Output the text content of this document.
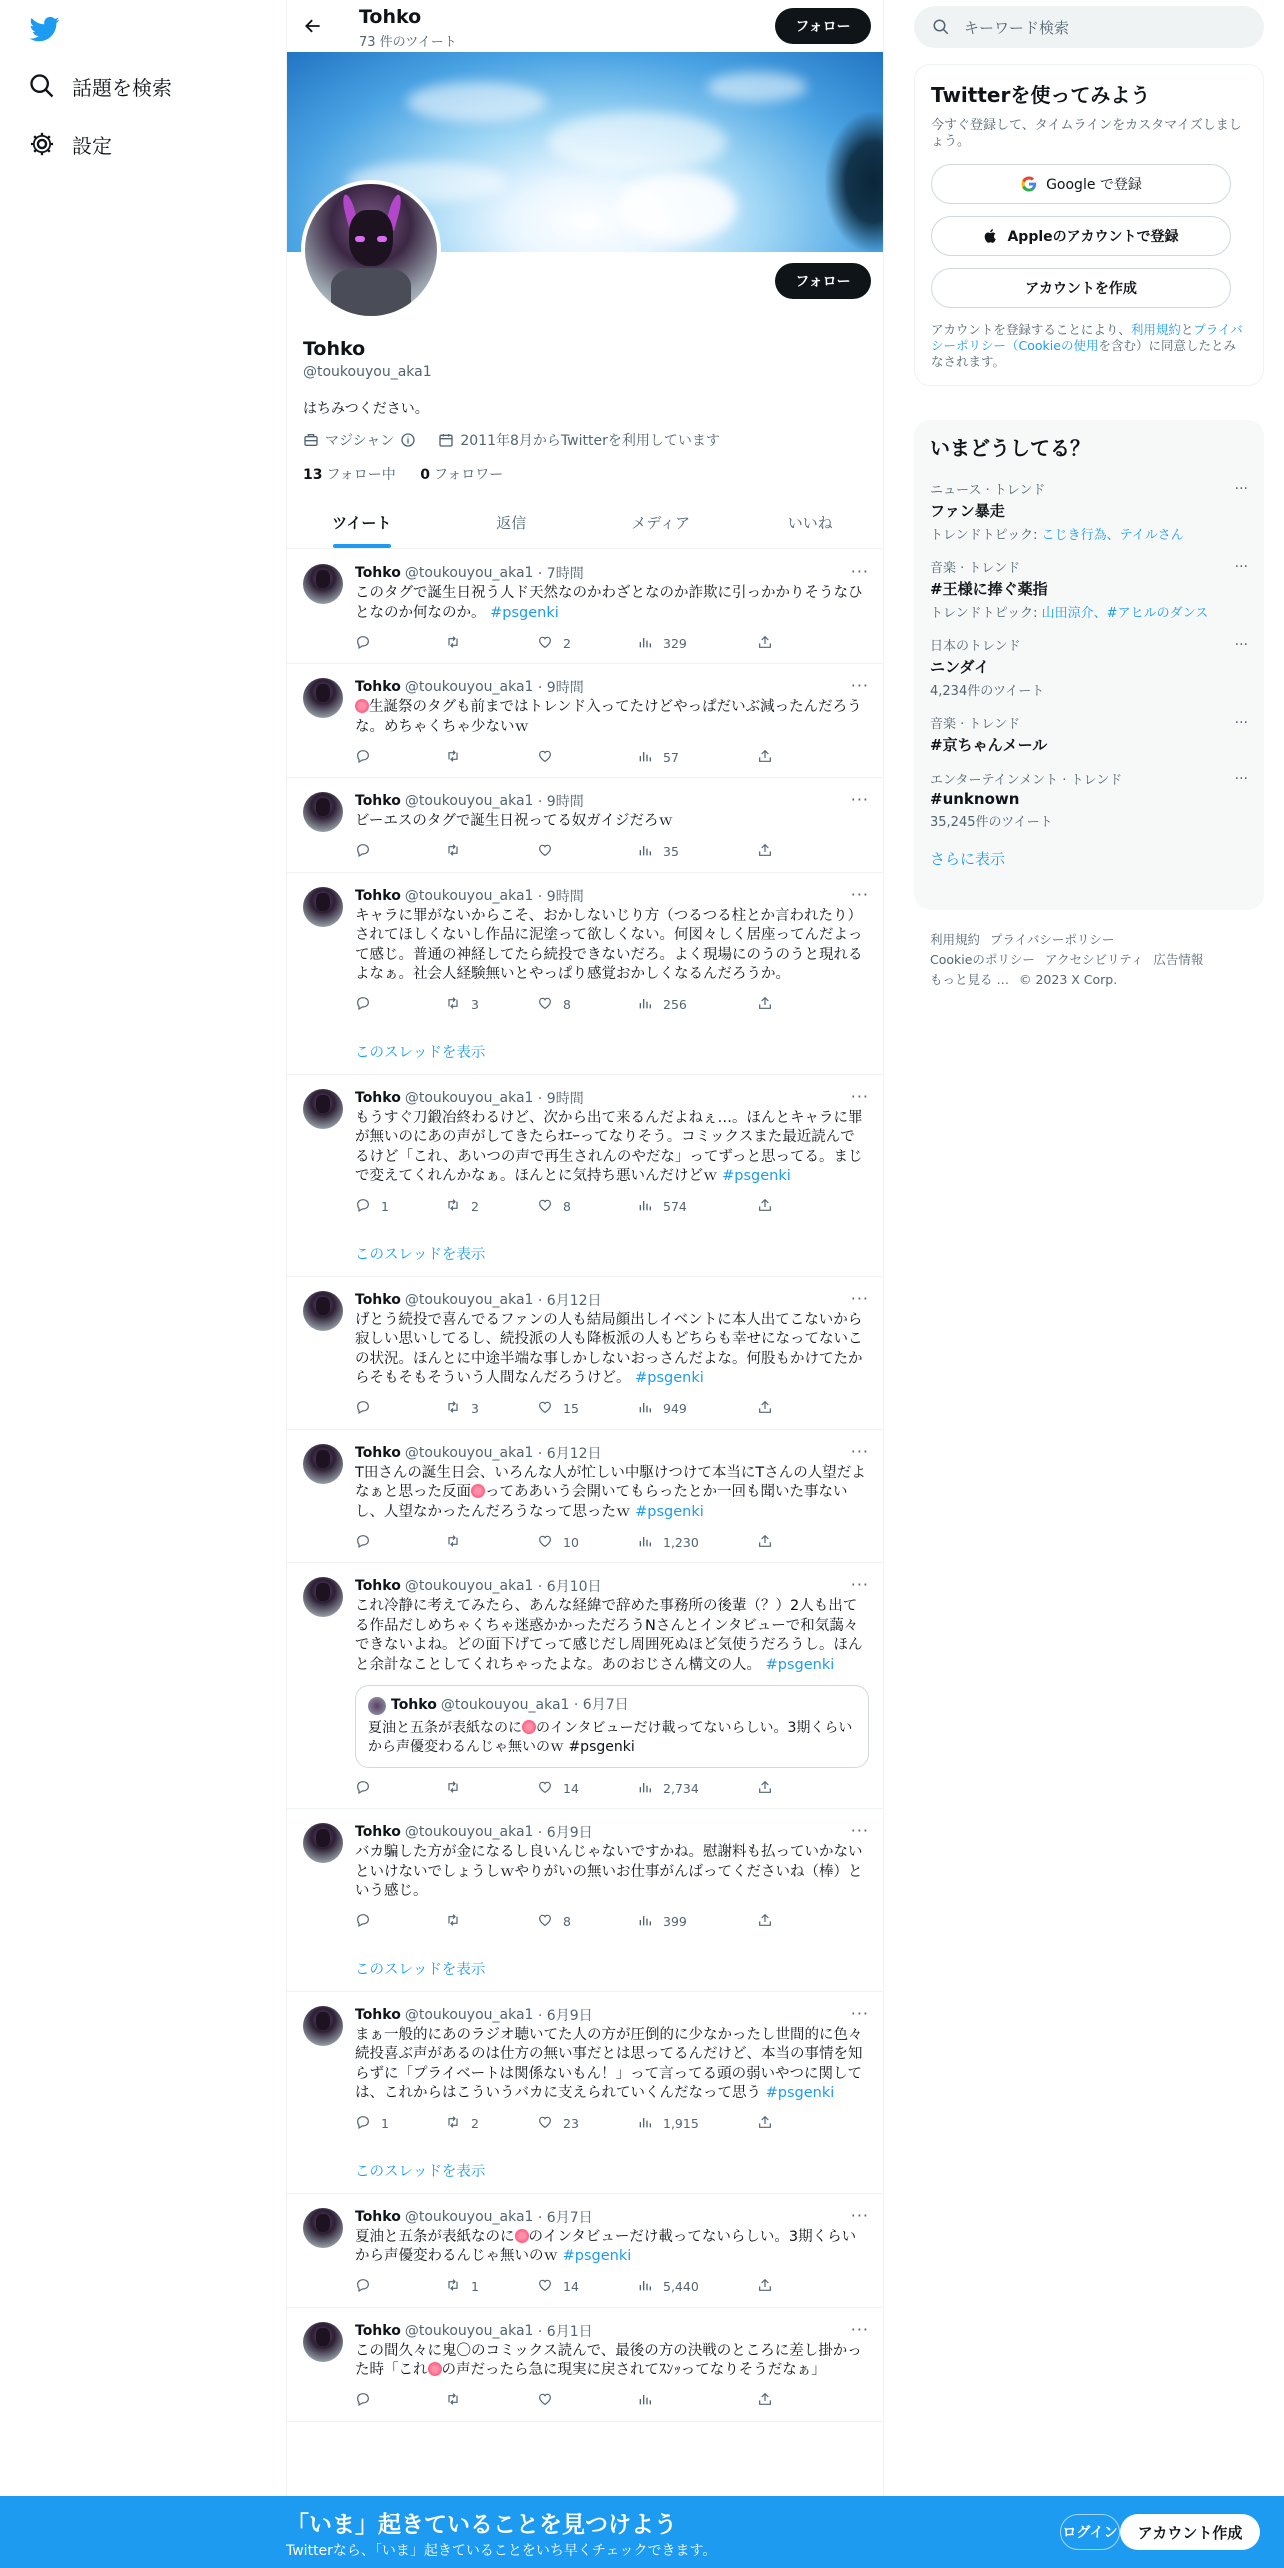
話題を検索
設定
Tohko
73 件のツイート
フォロー
フォロー
Tohko
@toukouyou_aka1
はちみつください。
マジシャン	2011年8月からTwitterを利用しています
13 フォロー中 0 フォロワー
ツイート	返信	メディア	いいね
···
Tohko @toukouyou_aka1
· 7時間
このタグで誕生日祝う人ド天然なのかわざとなのか詐欺に引っかかりそうなひとなのか何なのか。 #psgenki
2	329
···
Tohko @toukouyou_aka1
· 9時間
生誕祭のタグも前まではトレンド入ってたけどやっぱだいぶ減ったんだろうな。めちゃくちゃ少ないｗ
57
···
Tohko @toukouyou_aka1
· 9時間
ビーエスのタグで誕生日祝ってる奴ガイジだろｗ
35
···
Tohko @toukouyou_aka1
· 9時間
キャラに罪がないからこそ、おかしないじり方（つるつる柱とか言われたり）されてほしくないし作品に泥塗って欲しくない。何図々しく居座ってんだよって感じ。普通の神経してたら続投できないだろ。よく現場にのうのうと現れるよなぁ。社会人経験無いとやっぱり感覚おかしくなるんだろうか。
3	8	256
このスレッドを表示
···
Tohko @toukouyou_aka1
· 9時間
もうすぐ刀鍛冶終わるけど、次から出て来るんだよねぇ…。ほんとキャラに罪が無いのにあの声がしてきたらｵｴｰってなりそう。コミックスまた最近読んでるけど「これ、あいつの声で再生されんのやだな」ってずっと思ってる。まじで変えてくれんかなぁ。ほんとに気持ち悪いんだけどｗ #psgenki
1	2	8	574
このスレッドを表示
···
Tohko @toukouyou_aka1
· 6月12日
げとう続投で喜んでるファンの人も結局顔出しイベントに本人出てこないから寂しい思いしてるし、続投派の人も降板派の人もどちらも幸せになってないこの状況。ほんとに中途半端な事しかしないおっさんだよな。何股もかけてたからそもそもそういう人間なんだろうけど。 #psgenki
3	15	949
···
Tohko @toukouyou_aka1
· 6月12日
T田さんの誕生日会、いろんな人が忙しい中駆けつけて本当にTさんの人望だよなぁと思った反面 ってああいう会開いてもらったとか一回も聞いた事ないし、人望なかったんだろうなって思ったｗ #psgenki
10	1,230
···
Tohko @toukouyou_aka1
· 6月10日
これ冷静に考えてみたら、あんな経緯で辞めた事務所の後輩（？）2人も出てる作品だしめちゃくちゃ迷惑かかっただろうNさんとインタビューで和気藹々できないよね。どの面下げてって感じだし周囲死ぬほど気使うだろうし。ほんと余計なことしてくれちゃったよな。あのおじさん構文の人。 #psgenki
Tohko @toukouyou_aka1
· 6月7日
夏油と五条が表紙なのに のインタビューだけ載ってないらしい。3期くらいから声優変わるんじゃ無いのｗ #psgenki
14	2,734
···
Tohko @toukouyou_aka1
· 6月9日
バカ騙した方が金になるし良いんじゃないですかね。慰謝料も払っていかないといけないでしょうしｗやりがいの無いお仕事がんばってくださいね（棒）という感じ。
8	399
このスレッドを表示
···
Tohko @toukouyou_aka1
· 6月9日
まぁ一般的にあのラジオ聴いてた人の方が圧倒的に少なかったし世間的に色々続投喜ぶ声があるのは仕方の無い事だとは思ってるんだけど、本当の事情を知らずに「プライベートは関係ないもん！」って言ってる頭の弱いやつに関しては、これからはこういうバカに支えられていくんだなって思う #psgenki
1	2	23	1,915
このスレッドを表示
···
Tohko @toukouyou_aka1
· 6月7日
夏油と五条が表紙なのに のインタビューだけ載ってないらしい。3期くらいから声優変わるんじゃ無いのｗ #psgenki
1	14	5,440
···
Tohko @toukouyou_aka1
· 6月1日
この間久々に鬼〇のコミックス読んで、最後の方の決戦のところに差し掛かった時「これ の声だったら急に現実に戻されてｽﾝｯってなりそうだなぁ」
キーワード検索
Twitterを使ってみよう
今すぐ登録して、タイムラインをカスタマイズしましょう。
Google で登録
Appleのアカウントで登録
アカウントを作成
アカウントを登録することにより、利用規約とプライバシーポリシー（Cookieの使用を含む）に同意したとみなされます。
いまどうしてる？
ニュース · トレンド
ファン暴走
トレンドトピック: こじき行為、テイルさん
···
音楽 · トレンド
#王様に捧ぐ薬指
トレンドトピック: 山田涼介、#アヒルのダンス
···
日本のトレンド
ニンダイ
4,234件のツイート
···
音楽 · トレンド
#京ちゃんメール
···
エンターテインメント · トレンド
#unknown
35,245件のツイート
···
さらに表示
利用規約 プライバシーポリシー
Cookieのポリシー アクセシビリティ 広告情報
もっと見る … © 2023 X Corp.
「いま」起きていることを見つけよう
Twitterなら、「いま」起きていることをいち早くチェックできます。
ログイン	アカウント作成
